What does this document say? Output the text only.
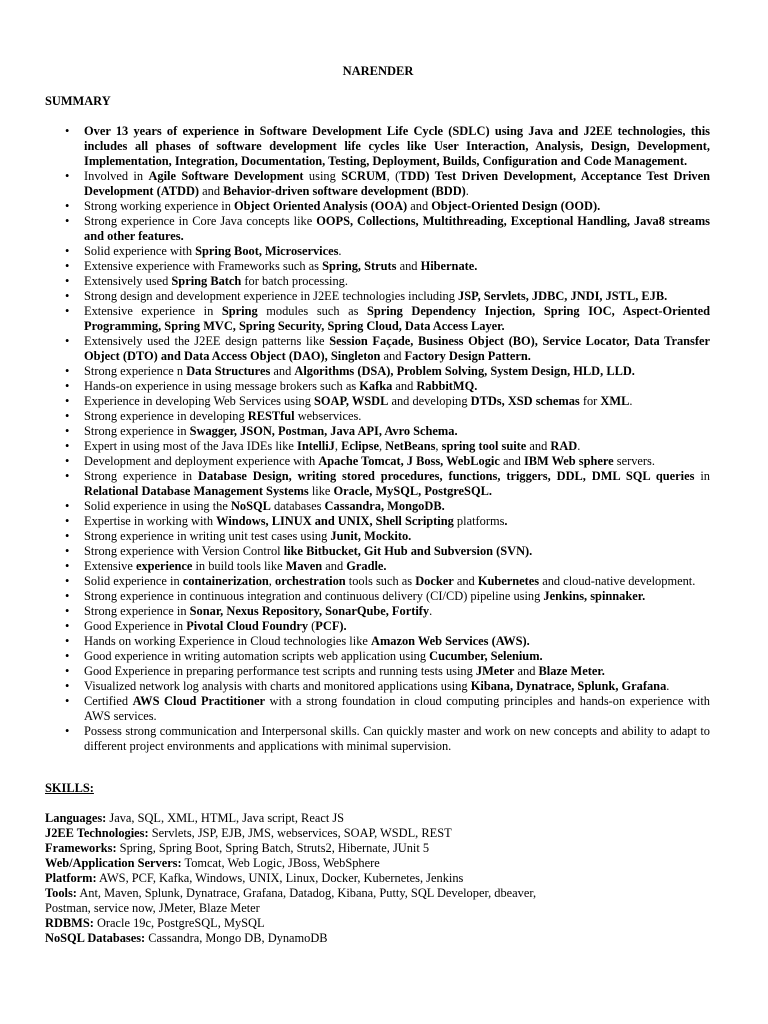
NARENDER
SUMMARY
• Over 13 years of experience in Software Development Life Cycle (SDLC) using Java and J2EE technologies, this includes all phases of software development life cycles like User Interaction, Analysis, Design, Development, Implementation, Integration, Documentation, Testing, Deployment, Builds, Configuration and Code Management.
• Involved in Agile Software Development using SCRUM, (TDD) Test Driven Development, Acceptance Test Driven Development (ATDD) and Behavior-driven software development (BDD).
• Strong working experience in Object Oriented Analysis (OOA) and Object-Oriented Design (OOD).
• Strong experience in Core Java concepts like OOPS, Collections, Multithreading, Exceptional Handling, Java8 streams and other features.
• Solid experience with Spring Boot, Microservices.
• Extensive experience with Frameworks such as Spring, Struts and Hibernate.
• Extensively used Spring Batch for batch processing.
• Strong design and development experience in J2EE technologies including JSP, Servlets, JDBC, JNDI, JSTL, EJB.
• Extensive experience in Spring modules such as Spring Dependency Injection, Spring IOC, Aspect-Oriented Programming, Spring MVC, Spring Security, Spring Cloud, Data Access Layer.
• Extensively used the J2EE design patterns like Session Façade, Business Object (BO), Service Locator, Data Transfer Object (DTO) and Data Access Object (DAO), Singleton and Factory Design Pattern.
• Strong experience n Data Structures and Algorithms (DSA), Problem Solving, System Design, HLD, LLD.
• Hands-on experience in using message brokers such as Kafka and RabbitMQ.
• Experience in developing Web Services using SOAP, WSDL and developing DTDs, XSD schemas for XML.
• Strong experience in developing RESTful webservices.
• Strong experience in Swagger, JSON, Postman, Java API, Avro Schema.
• Expert in using most of the Java IDEs like IntelliJ, Eclipse, NetBeans, spring tool suite and RAD.
• Development and deployment experience with Apache Tomcat, J Boss, WebLogic and IBM Web sphere servers.
• Strong experience in Database Design, writing stored procedures, functions, triggers, DDL, DML SQL queries in Relational Database Management Systems like Oracle, MySQL, PostgreSQL.
• Solid experience in using the NoSQL databases Cassandra, MongoDB.
• Expertise in working with Windows, LINUX and UNIX, Shell Scripting platforms.
• Strong experience in writing unit test cases using Junit, Mockito.
• Strong experience with Version Control like Bitbucket, Git Hub and Subversion (SVN).
• Extensive experience in build tools like Maven and Gradle.
• Solid experience in containerization, orchestration tools such as Docker and Kubernetes and cloud-native development.
• Strong experience in continuous integration and continuous delivery (CI/CD) pipeline using Jenkins, spinnaker.
• Strong experience in Sonar, Nexus Repository, SonarQube, Fortify.
• Good Experience in Pivotal Cloud Foundry (PCF).
• Hands on working Experience in Cloud technologies like Amazon Web Services (AWS).
• Good experience in writing automation scripts web application using Cucumber, Selenium.
• Good Experience in preparing performance test scripts and running tests using JMeter and Blaze Meter.
• Visualized network log analysis with charts and monitored applications using Kibana, Dynatrace, Splunk, Grafana.
• Certified AWS Cloud Practitioner with a strong foundation in cloud computing principles and hands-on experience with AWS services.
• Possess strong communication and Interpersonal skills. Can quickly master and work on new concepts and ability to adapt to different project environments and applications with minimal supervision.
SKILLS:
Languages: Java, SQL, XML, HTML, Java script, React JS
J2EE Technologies: Servlets, JSP, EJB, JMS, webservices, SOAP, WSDL, REST
Frameworks: Spring, Spring Boot, Spring Batch, Struts2, Hibernate, JUnit 5
Web/Application Servers: Tomcat, Web Logic, JBoss, WebSphere
Platform: AWS, PCF, Kafka, Windows, UNIX, Linux, Docker, Kubernetes, Jenkins
Tools: Ant, Maven, Splunk, Dynatrace, Grafana, Datadog, Kibana, Putty, SQL Developer, dbeaver,
Postman, service now, JMeter, Blaze Meter
RDBMS: Oracle 19c, PostgreSQL, MySQL
NoSQL Databases: Cassandra, Mongo DB, DynamoDB
